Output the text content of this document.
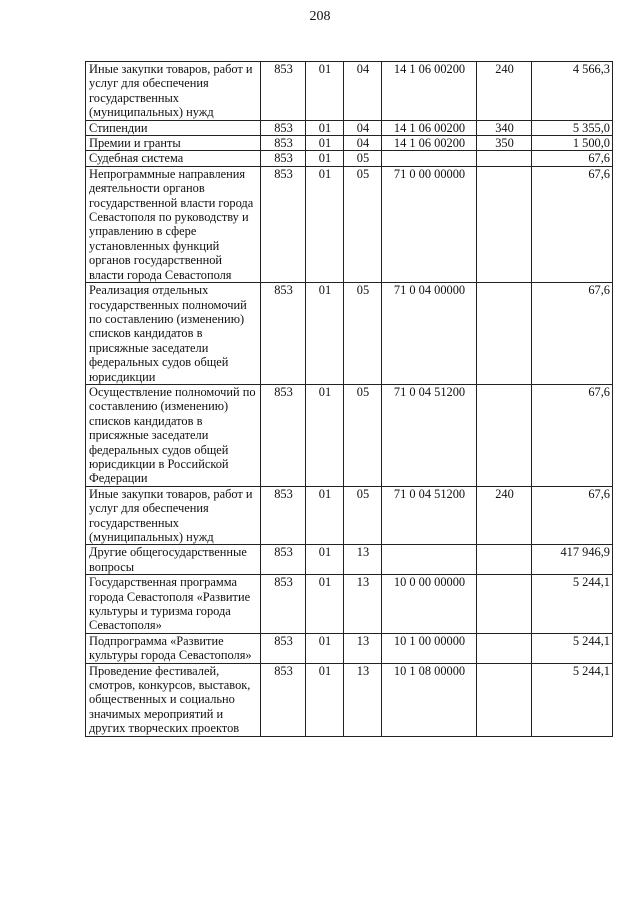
208
Иные закупки товаров, работ и услуг для обеспечения государственных (муниципальных) нужд	853	01	04	14 1 06 00200	240	4 566,3
Стипендии	853	01	04	14 1 06 00200	340	5 355,0
Премии и гранты	853	01	04	14 1 06 00200	350	1 500,0
Судебная система	853	01	05			67,6
Непрограммные направления деятельности органов государственной власти города Севастополя по руководству и управлению в сфере установленных функций органов государственной власти города Севастополя	853	01	05	71 0 00 00000		67,6
Реализация отдельных государственных полномочий по составлению (изменению) списков кандидатов в присяжные заседатели федеральных судов общей юрисдикции	853	01	05	71 0 04 00000		67,6
Осуществление полномочий по составлению (изменению) списков кандидатов в присяжные заседатели федеральных судов общей юрисдикции в Российской Федерации	853	01	05	71 0 04 51200		67,6
Иные закупки товаров, работ и услуг для обеспечения государственных (муниципальных) нужд	853	01	05	71 0 04 51200	240	67,6
Другие общегосударственные вопросы	853	01	13			417 946,9
Государственная программа города Севастополя «Развитие культуры и туризма города Севастополя»	853	01	13	10 0 00 00000		5 244,1
Подпрограмма «Развитие культуры города Севастополя»	853	01	13	10 1 00 00000		5 244,1
Проведение фестивалей, смотров, конкурсов, выставок, общественных и социально значимых мероприятий и других творческих проектов	853	01	13	10 1 08 00000		5 244,1
